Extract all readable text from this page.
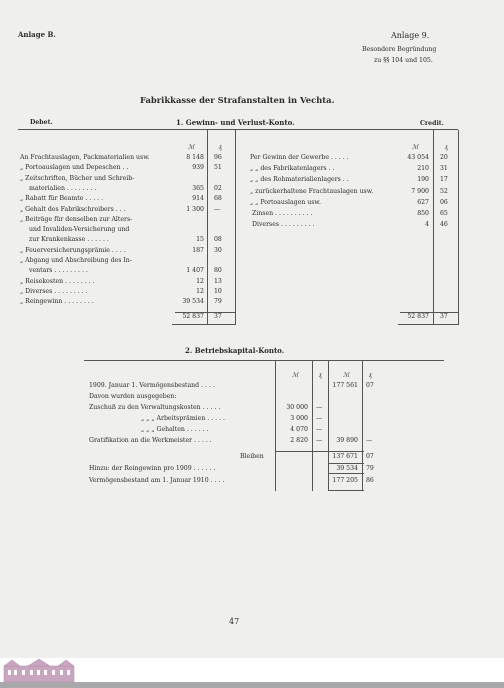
Anlage B.	Anlage 9.
Besondere Begründung
zu §§ 104 und 105.
Fabrikkasse der Strafanstalten in Vechta.
Debet.	1. Gewinn- und Verlust-Konto.	Credit.
ℳ	₰	ℳ	₰
An Frachtauslagen, Packmaterialien usw.	8 148 96
„ Portoauslagen und Depeschen . .	939 51
„ Zeitschriften, Bücher und Schreib-
materialien . . . . . . . .	365 02
„ Rabatt für Beamte . . . . .	914 68
„ Gehalt des Fabrikschreibers . . .	1 300 —
„ Beiträge für denselben zur Alters-
und Invaliden-Versicherung und
zur Krankenkasse . . . . . .	15 08
„ Feuerversicherungsprämie . . . .	187 30
„ Abgang und Abschreibung des In-
ventars . . . . . . . . .	1 407 80
„ Reisekosten . . . . . . . .	12 13
„ Diverses . . . . . . . . .	12 10
„ Reingewinn . . . . . . . .	39 534 79
52 837 37
Per Gewinn der Gewerbe . . . . .	43 054 20
„ „ des Fabrikatenlagers . .	210 31
„ „ des Rohmaterialienlagers . .	190 17
„ zurückerhaltene Frachtauslagen usw.	7 900 52
„ „ Portoauslagen usw.	627 06
Zinsen . . . . . . . . . .	850 65
Diverses . . . . . . . . .	4 46
52 837 37
2. Betriebskapital-Konto.
ℳ	₰	ℳ	₰
1909. Januar 1. Vermögensbestand . . . .	177 561 07
Davon wurden ausgegeben:
Zuschuß zu den Verwaltungskosten . . . . .	30 000 —
„ „ „ Arbeitsprämien . . . . .	3 000 —
„ „ „ Gehalten . . . . . .	4 070 —
Gratifikation an die Werkmeister . . . . .	2 820 —	39 890 —
Bleiben	137 671 07
Hinzu: der Reingewinn pro 1909 . . . . . .	39 534 79
Vermögensbestand am 1. Januar 1910 . . . .	177 205 86
47
